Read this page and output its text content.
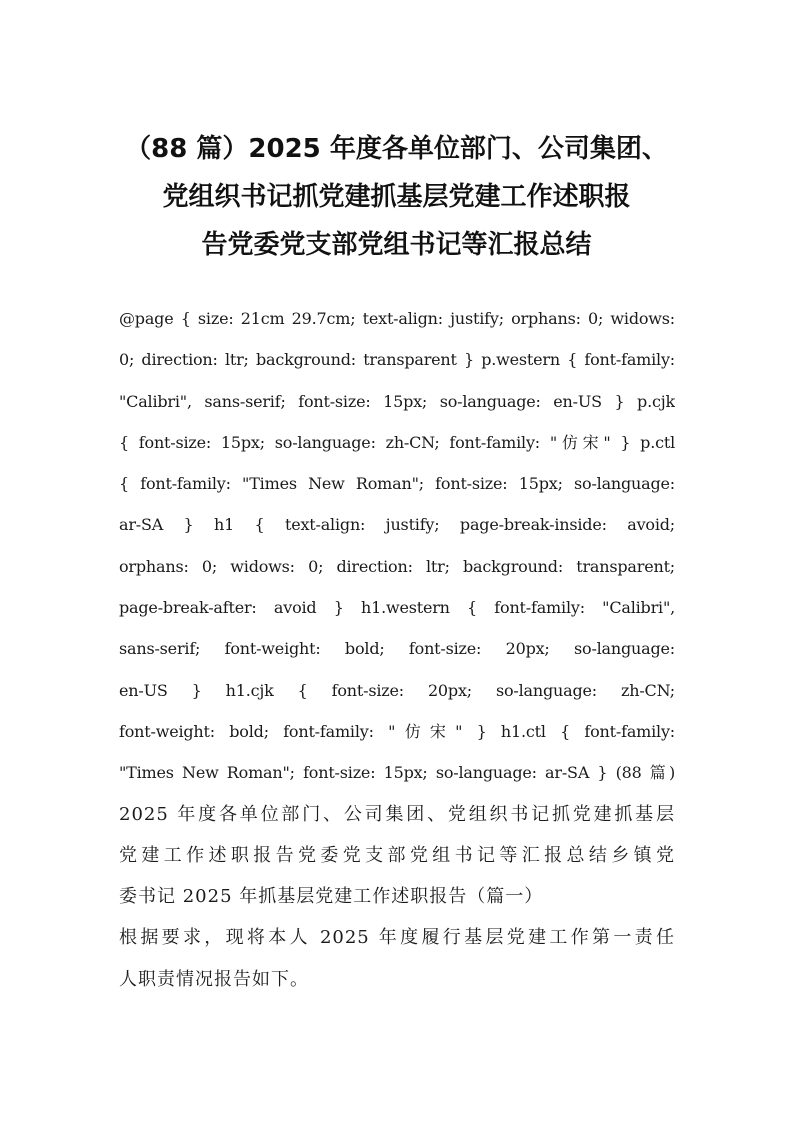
（88 篇）2025 年度各单位部门、公司集团、
党组织书记抓党建抓基层党建工作述职报
告党委党支部党组书记等汇报总结
@page { size: 21cm 29.7cm; text-align: justify; orphans: 0; widows:
0; direction: ltr; background: transparent } p.western { font-family:
"Calibri", sans-serif; font-size: 15px; so-language: en-US } p.cjk
{ font-size: 15px; so-language: zh-CN; font-family: "仿宋" } p.ctl
{ font-family: "Times New Roman"; font-size: 15px; so-language:
ar-SA } h1 { text-align: justify; page-break-inside: avoid;
orphans: 0; widows: 0; direction: ltr; background: transparent;
page-break-after: avoid } h1.western { font-family: "Calibri",
sans-serif; font-weight: bold; font-size: 20px; so-language:
en-US } h1.cjk { font-size: 20px; so-language: zh-CN;
font-weight: bold; font-family: "仿宋" } h1.ctl { font-family:
"Times New Roman"; font-size: 15px; so-language: ar-SA } (88 篇)
2025 年度各单位部门、公司集团、党组织书记抓党建抓基层
党建工作述职报告党委党支部党组书记等汇报总结乡镇党
委书记 2025 年抓基层党建工作述职报告（篇一）
根据要求，现将本人 2025 年度履行基层党建工作第一责任
人职责情况报告如下。
